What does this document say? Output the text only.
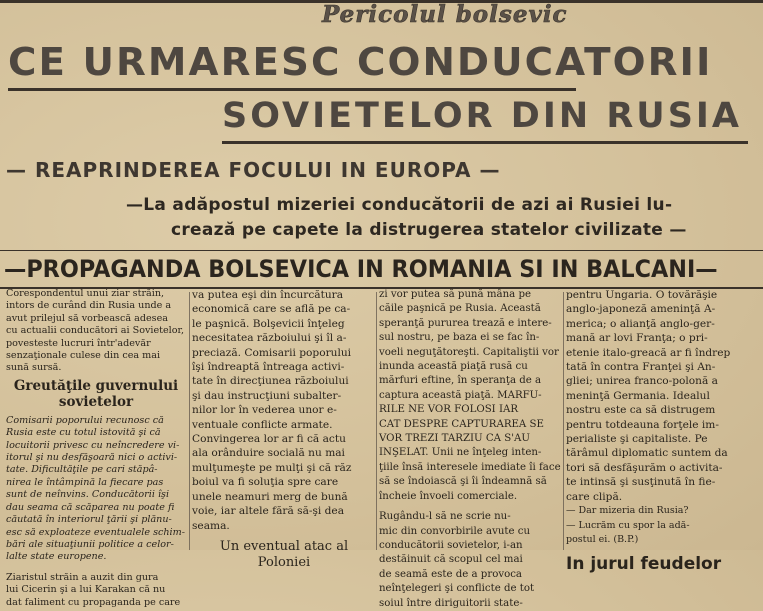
Pericolul bolsevic
CE URMARESC CONDUCATORII
SOVIETELOR DIN RUSIA
— REAPRINDEREA FOCULUI IN EUROPA —
—La adăpostul mizeriei conducătorii de azi ai Rusiei lu-
crează pe capete la distrugerea statelor civilizate —
—PROPAGANDA BOLSEVICA IN ROMANIA SI IN BALCANI—
Corespondentul unui ziar străin,
intors de curând din Rusia unde a
avut prilejul să vorbească adesea
cu actualii conducători ai Sovietelor,
povesteste lucruri într'adevăr
senzaţionale culese din cea mai
sună sursă.
Greutăţile guvernului
sovietelor
Comisarii poporului recunosc că
Rusia este cu totul istovită şi că
locuitorii privesc cu neîncredere vi-
itorul şi nu desfăşoară nici o activi-
tate. Dificultăţile pe cari stăpâ-
nirea le întâmpină la fiecare pas
sunt de neînvins. Conducătorii îşi
dau seama că scăparea nu poate fi
căutată în interiorul ţării şi plănu-
esc să exploateze eventualele schim-
bări ale situaţiunii politice a celor-
lalte state europene.
Ziaristul străin a auzit din gura
lui Cicerin şi a lui Karakan că nu
dat faliment cu propaganda pe care
va putea eşi din încurcătura
economică care se află pe ca-
le paşnică. Bolşevicii înţeleg
necesitatea războiului şi îl a-
preciază. Comisarii poporului
îşi îndreaptă întreaga activi-
tate în direcţiunea războiului
şi dau instrucţiuni subalter-
nilor lor în vederea unor e-
ventuale conflicte armate.
Convingerea lor ar fi că actu
ala orânduire socială nu mai
mulţumeşte pe mulţi şi că răz
boiul va fi soluţia spre care
unele neamuri merg de bună
voie, iar altele fără să-şi dea
seama.
Un eventual atac al
Poloniei
zi vor putea să pună mâna pe
căile paşnică pe Rusia. Această
speranţă pururea trează e intere-
sul nostru, pe baza ei se fac în-
voeli neguţătoreşti. Capitaliştii vor
inunda această piaţă rusă cu
mărfuri eftine, în speranţa de a
captura această piaţă. MARFU-
RILE NE VOR FOLOSI IAR
CAT DESPRE CAPTURAREA SE
VOR TREZI TARZIU CA S'AU
INŞELAT. Unii ne înţeleg inten-
ţiile însă interesele imediate îi face
să se îndoiască şi îi îndeamnă să
încheie învoeli comerciale.
Rugându-l să ne scrie nu-
mic din convorbirile avute cu
conducătorii sovietelor, i-an
destăinuit că scopul cel mai
de seamă este de a provoca
neînţelegeri şi conflicte de tot
soiul între diriguitorii state-
pentru Ungaria. O tovărăşie
anglo-japoneză ameninţă A-
merica; o alianţă anglo-ger-
mană ar lovi Franţa; o pri-
etenie italo-greacă ar fi îndrep
tată în contra Franţei şi An-
gliei; unirea franco-polonă a
meninţă Germania. Idealul
nostru este ca să distrugem
pentru totdeauna forţele im-
perialiste şi capitaliste. Pe
tărâmul diplomatic suntem da
tori să desfăşurăm o activita-
te intinsă şi susţinută în fie-
care clipă.
— Dar mizeria din Rusia?
— Lucrăm cu spor la adă-
postul ei. (B.P.)
In jurul feudelor
